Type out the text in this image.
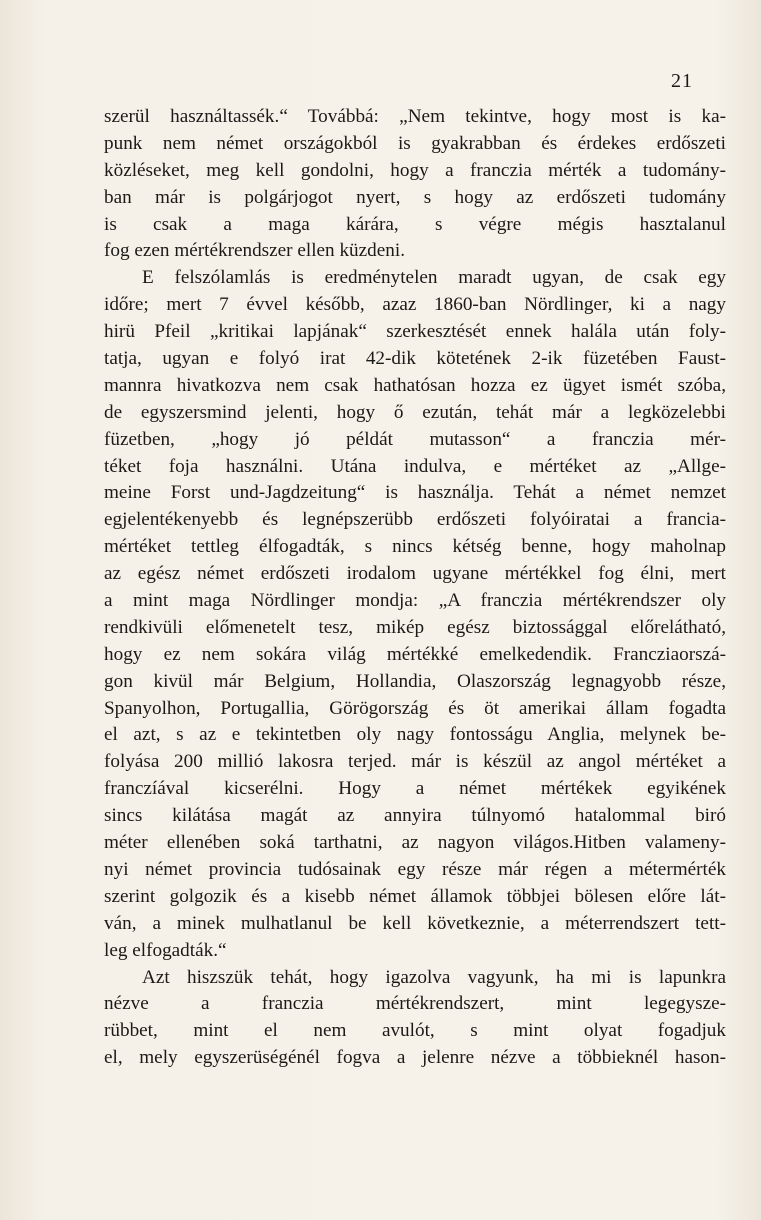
21
szerül használtassék.“ Továbbá: „Nem tekintve, hogy most is ka-
punk nem német országokból is gyakrabban és érdekes erdőszeti
közléseket, meg kell gondolni, hogy a franczia mérték a tudomány-
ban már is polgárjogot nyert, s hogy az erdőszeti tudomány
is csak a maga kárára, s végre mégis hasztalanul
fog ezen mértékrendszer ellen küzdeni.
E felszólamlás is eredménytelen maradt ugyan, de csak egy
időre; mert 7 évvel később, azaz 1860-ban Nördlinger, ki a nagy
hirü Pfeil „kritikai lapjának“ szerkesztését ennek halála után foly-
tatja, ugyan e folyó irat 42-dik kötetének 2-ik füzetében Faust-
mannra hivatkozva nem csak hathatósan hozza ez ügyet ismét szóba,
de egyszersmind jelenti, hogy ő ezután, tehát már a legközelebbi
füzetben, „hogy jó példát mutasson“ a franczia mér-
téket foja használni. Utána indulva, e mértéket az „Allge-
meine Forst und-Jagdzeitung“ is használja. Tehát a német nemzet
egjelentékenyebb és legnépszerübb erdőszeti folyóiratai a francia-
mértéket tettleg élfogadták, s nincs kétség benne, hogy maholnap
az egész német erdőszeti irodalom ugyane mértékkel fog élni, mert
a mint maga Nördlinger mondja: „A franczia mértékrendszer oly
rendkivüli előmenetelt tesz, mikép egész biztossággal előrelátható,
hogy ez nem sokára világ mértékké emelkedendik. Francziaorszá-
gon kivül már Belgium, Hollandia, Olaszország legnagyobb része,
Spanyolhon, Portugallia, Görögország és öt amerikai állam fogadta
el azt, s az e tekintetben oly nagy fontosságu Anglia, melynek be-
folyása 200 millió lakosra terjed. már is készül az angol mértéket a
franczíával kicserélni. Hogy a német mértékek egyikének
sincs kilátása magát az annyira túlnyomó hatalommal biró
méter ellenében soká tarthatni, az nagyon világos.Hitben valameny-
nyi német provincia tudósainak egy része már régen a métermérték
szerint golgozik és a kisebb német államok többjei bölesen előre lát-
ván, a minek mulhatlanul be kell következnie, a méterrendszert tett-
leg elfogadták.“
Azt hiszszük tehát, hogy igazolva vagyunk, ha mi is lapunkra
nézve a franczia mértékrendszert, mint legegysze-
rübbet, mint el nem avulót, s mint olyat fogadjuk
el, mely egyszerüségénél fogva a jelenre nézve a többieknél hason-
